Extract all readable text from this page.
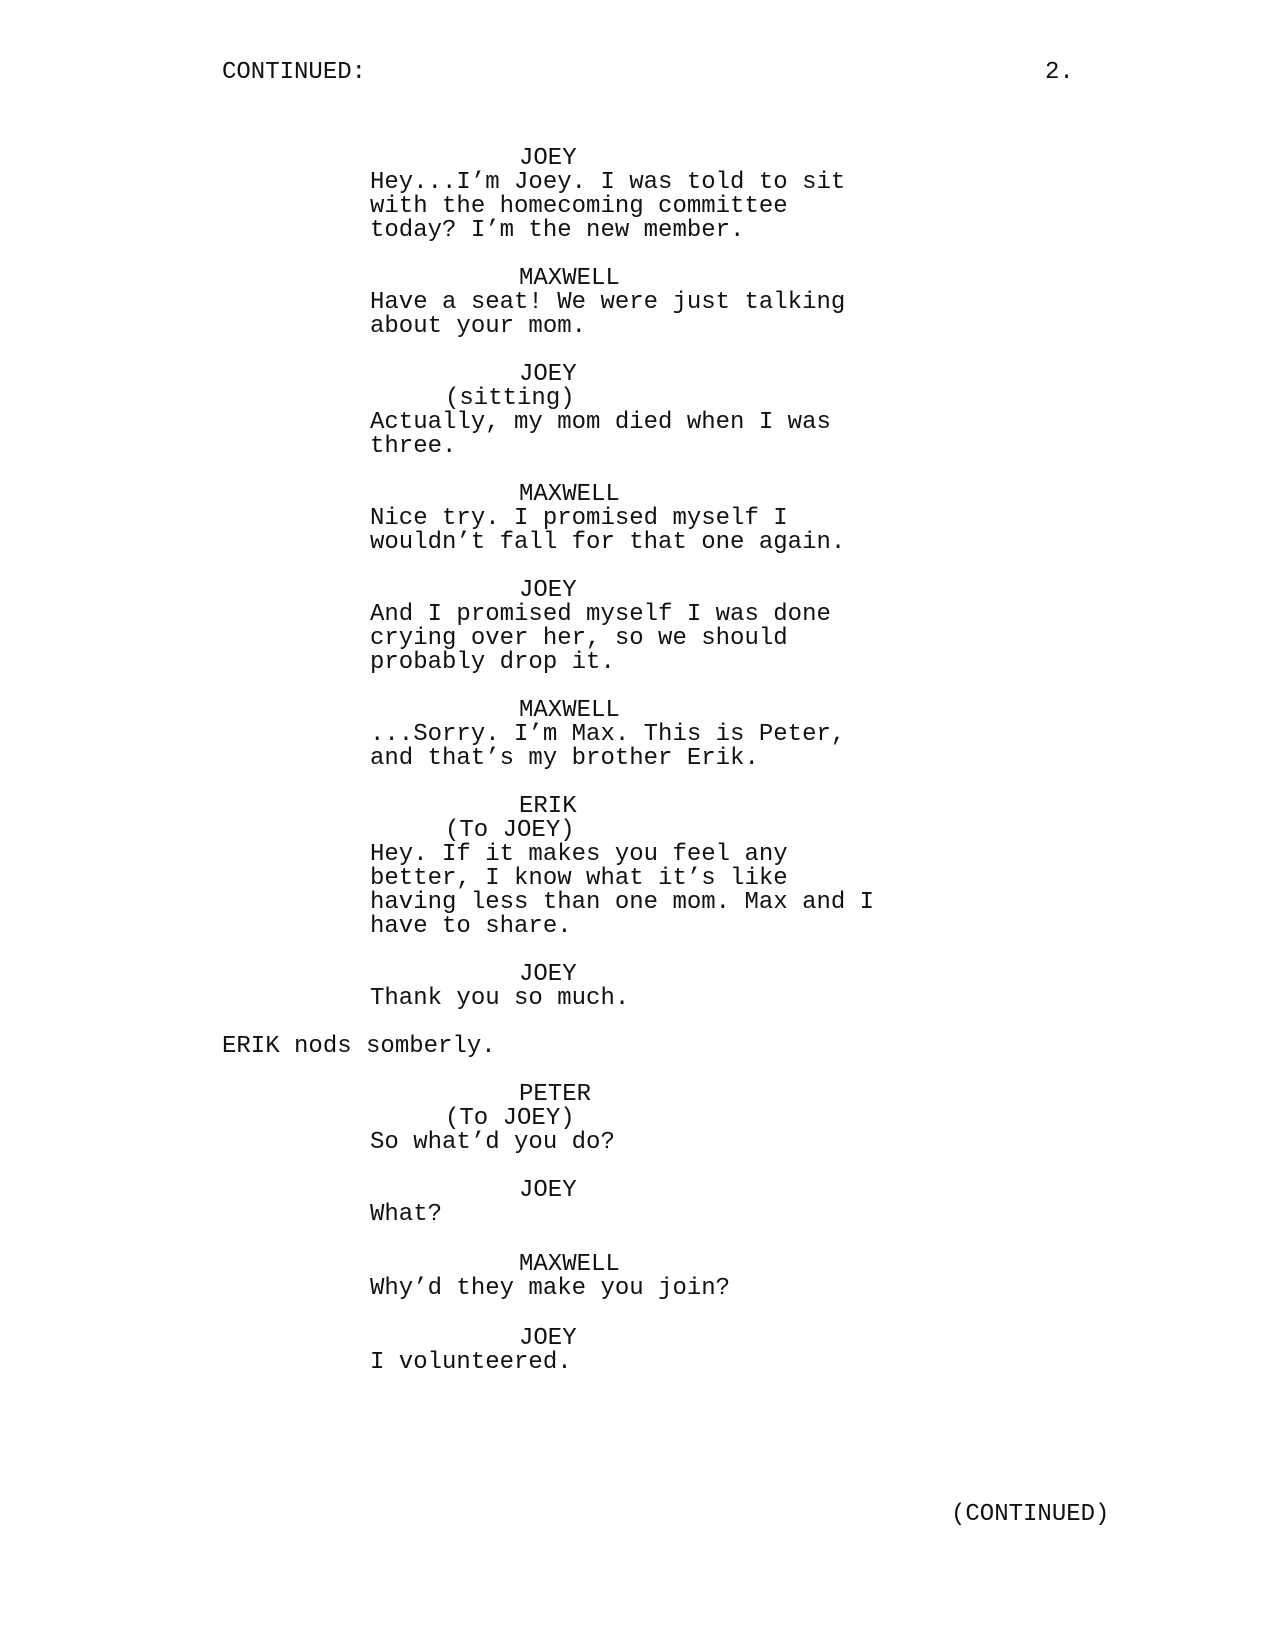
CONTINUED:	2.
JOEY
Hey...I’m Joey. I was told to sit
with the homecoming committee
today? I’m the new member.
MAXWELL
Have a seat! We were just talking
about your mom.
JOEY
(sitting)
Actually, my mom died when I was
three.
MAXWELL
Nice try. I promised myself I
wouldn’t fall for that one again.
JOEY
And I promised myself I was done
crying over her, so we should
probably drop it.
MAXWELL
...Sorry. I’m Max. This is Peter,
and that’s my brother Erik.
ERIK
(To JOEY)
Hey. If it makes you feel any
better, I know what it’s like
having less than one mom. Max and I
have to share.
JOEY
Thank you so much.
ERIK nods somberly.
PETER
(To JOEY)
So what’d you do?
JOEY
What?
MAXWELL
Why’d they make you join?
JOEY
I volunteered.
(CONTINUED)
